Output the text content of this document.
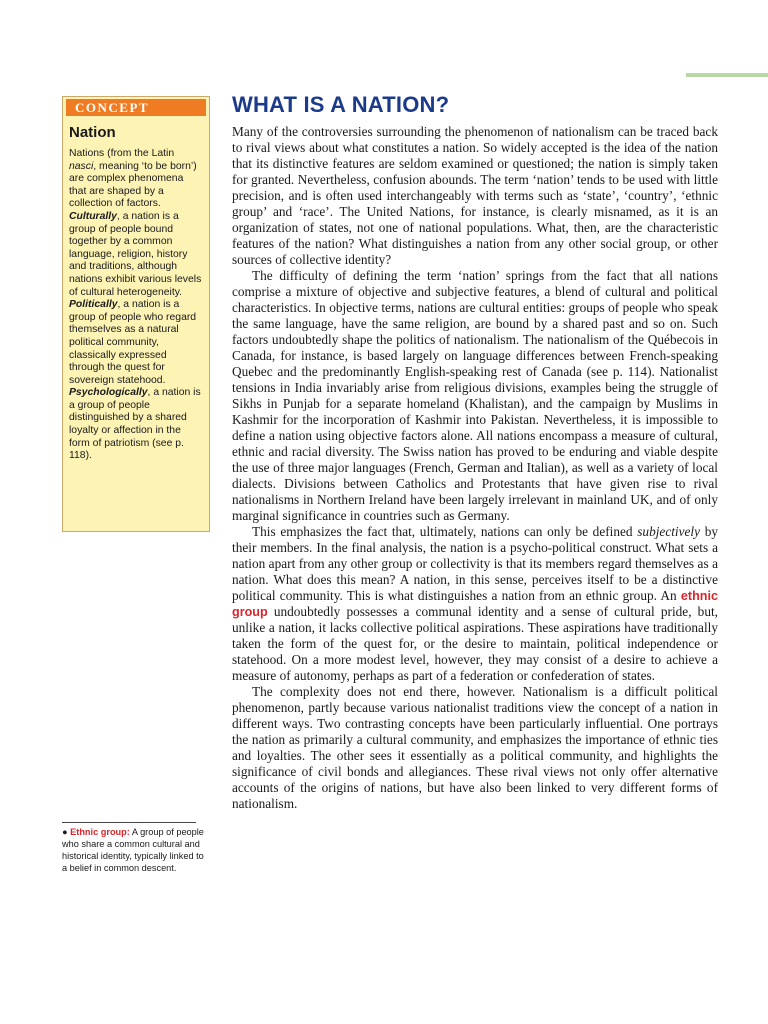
CONCEPT
Nation
Nations (from the Latin nasci, meaning ‘to be born’) are complex phenomena that are shaped by a collection of factors. Culturally, a nation is a group of people bound together by a common language, religion, history and traditions, although nations exhibit various levels of cultural heterogeneity. Politically, a nation is a group of people who regard themselves as a natural political community, classically expressed through the quest for sovereign statehood. Psychologically, a nation is a group of people distinguished by a shared loyalty or affection in the form of patriotism (see p. 118).
● Ethnic group: A group of people who share a common cultural and historical identity, typically linked to a belief in common descent.
WHAT IS A NATION?

Many of the controversies surrounding the phenomenon of nationalism can be traced back to rival views about what constitutes a nation. So widely accepted is the idea of the nation that its distinctive features are seldom examined or questioned; the nation is simply taken for granted. Nevertheless, confusion abounds. The term ‘nation’ tends to be used with little precision, and is often used interchangeably with terms such as ‘state’, ‘country’, ‘ethnic group’ and ‘race’. The United Nations, for instance, is clearly misnamed, as it is an organization of states, not one of national populations. What, then, are the characteristic features of the nation? What distinguishes a nation from any other social group, or other sources of collective identity?

The difficulty of defining the term ‘nation’ springs from the fact that all nations comprise a mixture of objective and subjective features, a blend of cultural and political characteristics. In objective terms, nations are cultural entities: groups of people who speak the same language, have the same religion, are bound by a shared past and so on. Such factors undoubtedly shape the politics of nationalism. The nationalism of the Québecois in Canada, for instance, is based largely on language differences between French-speaking Quebec and the predominantly English-speaking rest of Canada (see p. 114). Nationalist tensions in India invariably arise from religious divisions, examples being the struggle of Sikhs in Punjab for a separate homeland (Khalistan), and the campaign by Muslims in Kashmir for the incorporation of Kashmir into Pakistan. Nevertheless, it is impossible to define a nation using objective factors alone. All nations encompass a measure of cultural, ethnic and racial diversity. The Swiss nation has proved to be enduring and viable despite the use of three major languages (French, German and Italian), as well as a variety of local dialects. Divisions between Catholics and Protestants that have given rise to rival nationalisms in Northern Ireland have been largely irrelevant in mainland UK, and of only marginal significance in countries such as Germany.

This emphasizes the fact that, ultimately, nations can only be defined subjectively by their members. In the final analysis, the nation is a psycho-political construct. What sets a nation apart from any other group or collectivity is that its members regard themselves as a nation. What does this mean? A nation, in this sense, perceives itself to be a distinctive political community. This is what distinguishes a nation from an ethnic group. An ethnic group undoubtedly possesses a communal identity and a sense of cultural pride, but, unlike a nation, it lacks collective political aspirations. These aspirations have traditionally taken the form of the quest for, or the desire to maintain, political independence or statehood. On a more modest level, however, they may consist of a desire to achieve a measure of autonomy, perhaps as part of a federation or confederation of states.

The complexity does not end there, however. Nationalism is a difficult political phenomenon, partly because various nationalist traditions view the concept of a nation in different ways. Two contrasting concepts have been particularly influential. One portrays the nation as primarily a cultural community, and emphasizes the importance of ethnic ties and loyalties. The other sees it essentially as a political community, and highlights the significance of civil bonds and allegiances. These rival views not only offer alternative accounts of the origins of nations, but have also been linked to very different forms of nationalism.
